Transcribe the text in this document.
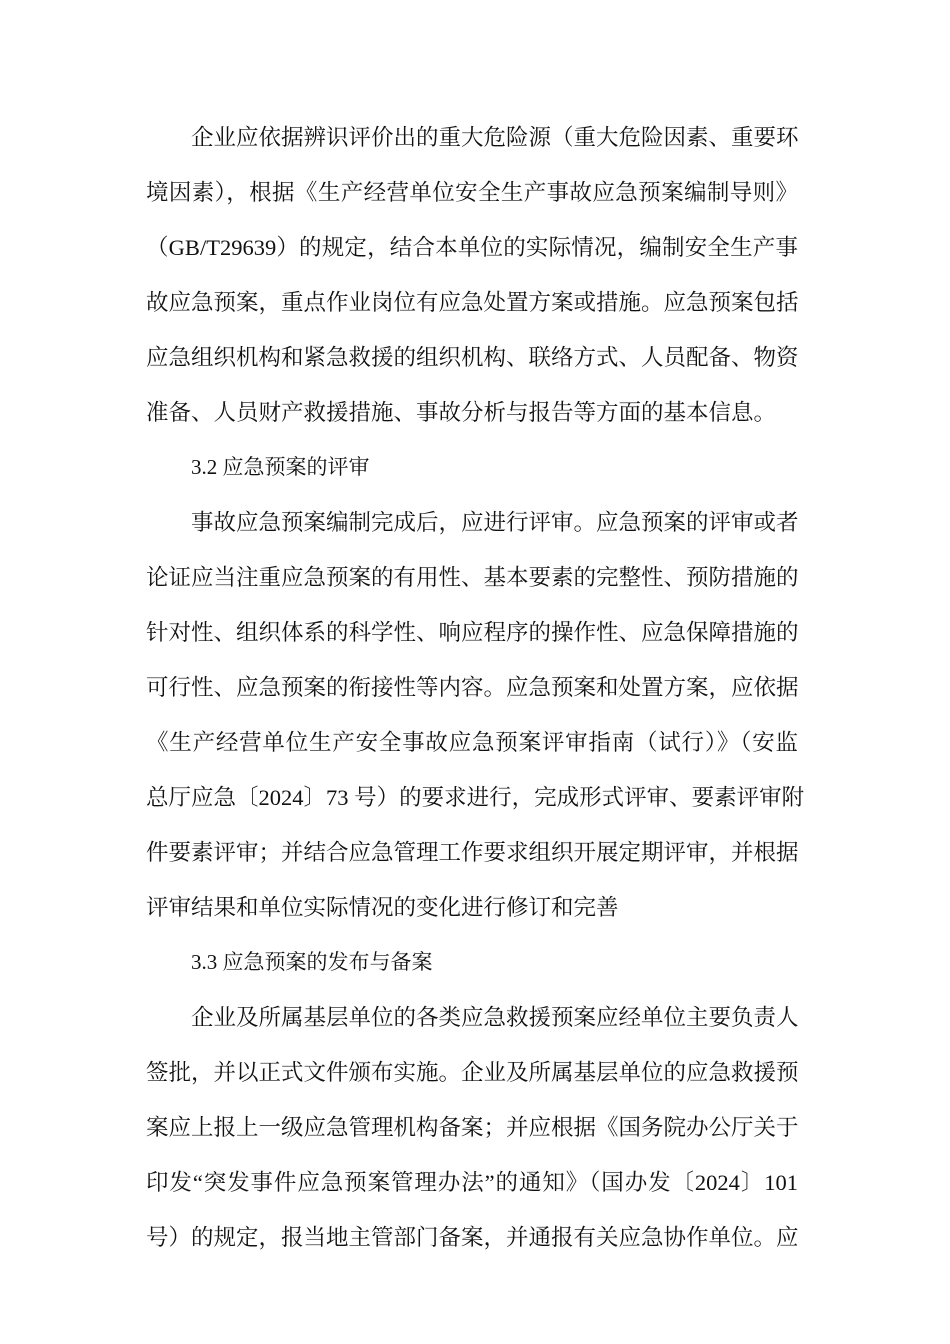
企业应依据辨识评价出的重大危险源（重大危险因素、重要环
境因素），根据《生产经营单位安全生产事故应急预案编制导则》
（GB/T29639）的规定，结合本单位的实际情况，编制安全生产事
故应急预案，重点作业岗位有应急处置方案或措施。应急预案包括
应急组织机构和紧急救援的组织机构、联络方式、人员配备、物资
准备、人员财产救援措施、事故分析与报告等方面的基本信息。
3.2 应急预案的评审
事故应急预案编制完成后，应进行评审。应急预案的评审或者
论证应当注重应急预案的有用性、基本要素的完整性、预防措施的
针对性、组织体系的科学性、响应程序的操作性、应急保障措施的
可行性、应急预案的衔接性等内容。应急预案和处置方案，应依据
《生产经营单位生产安全事故应急预案评审指南（试行）》（安监
总厅应急〔2024〕73 号）的要求进行，完成形式评审、要素评审附
件要素评审；并结合应急管理工作要求组织开展定期评审，并根据
评审结果和单位实际情况的变化进行修订和完善
3.3 应急预案的发布与备案
企业及所属基层单位的各类应急救援预案应经单位主要负责人
签批，并以正式文件颁布实施。企业及所属基层单位的应急救援预
案应上报上一级应急管理机构备案；并应根据《国务院办公厅关于
印发“突发事件应急预案管理办法”的通知》（国办发〔2024〕101
号）的规定，报当地主管部门备案，并通报有关应急协作单位。应
